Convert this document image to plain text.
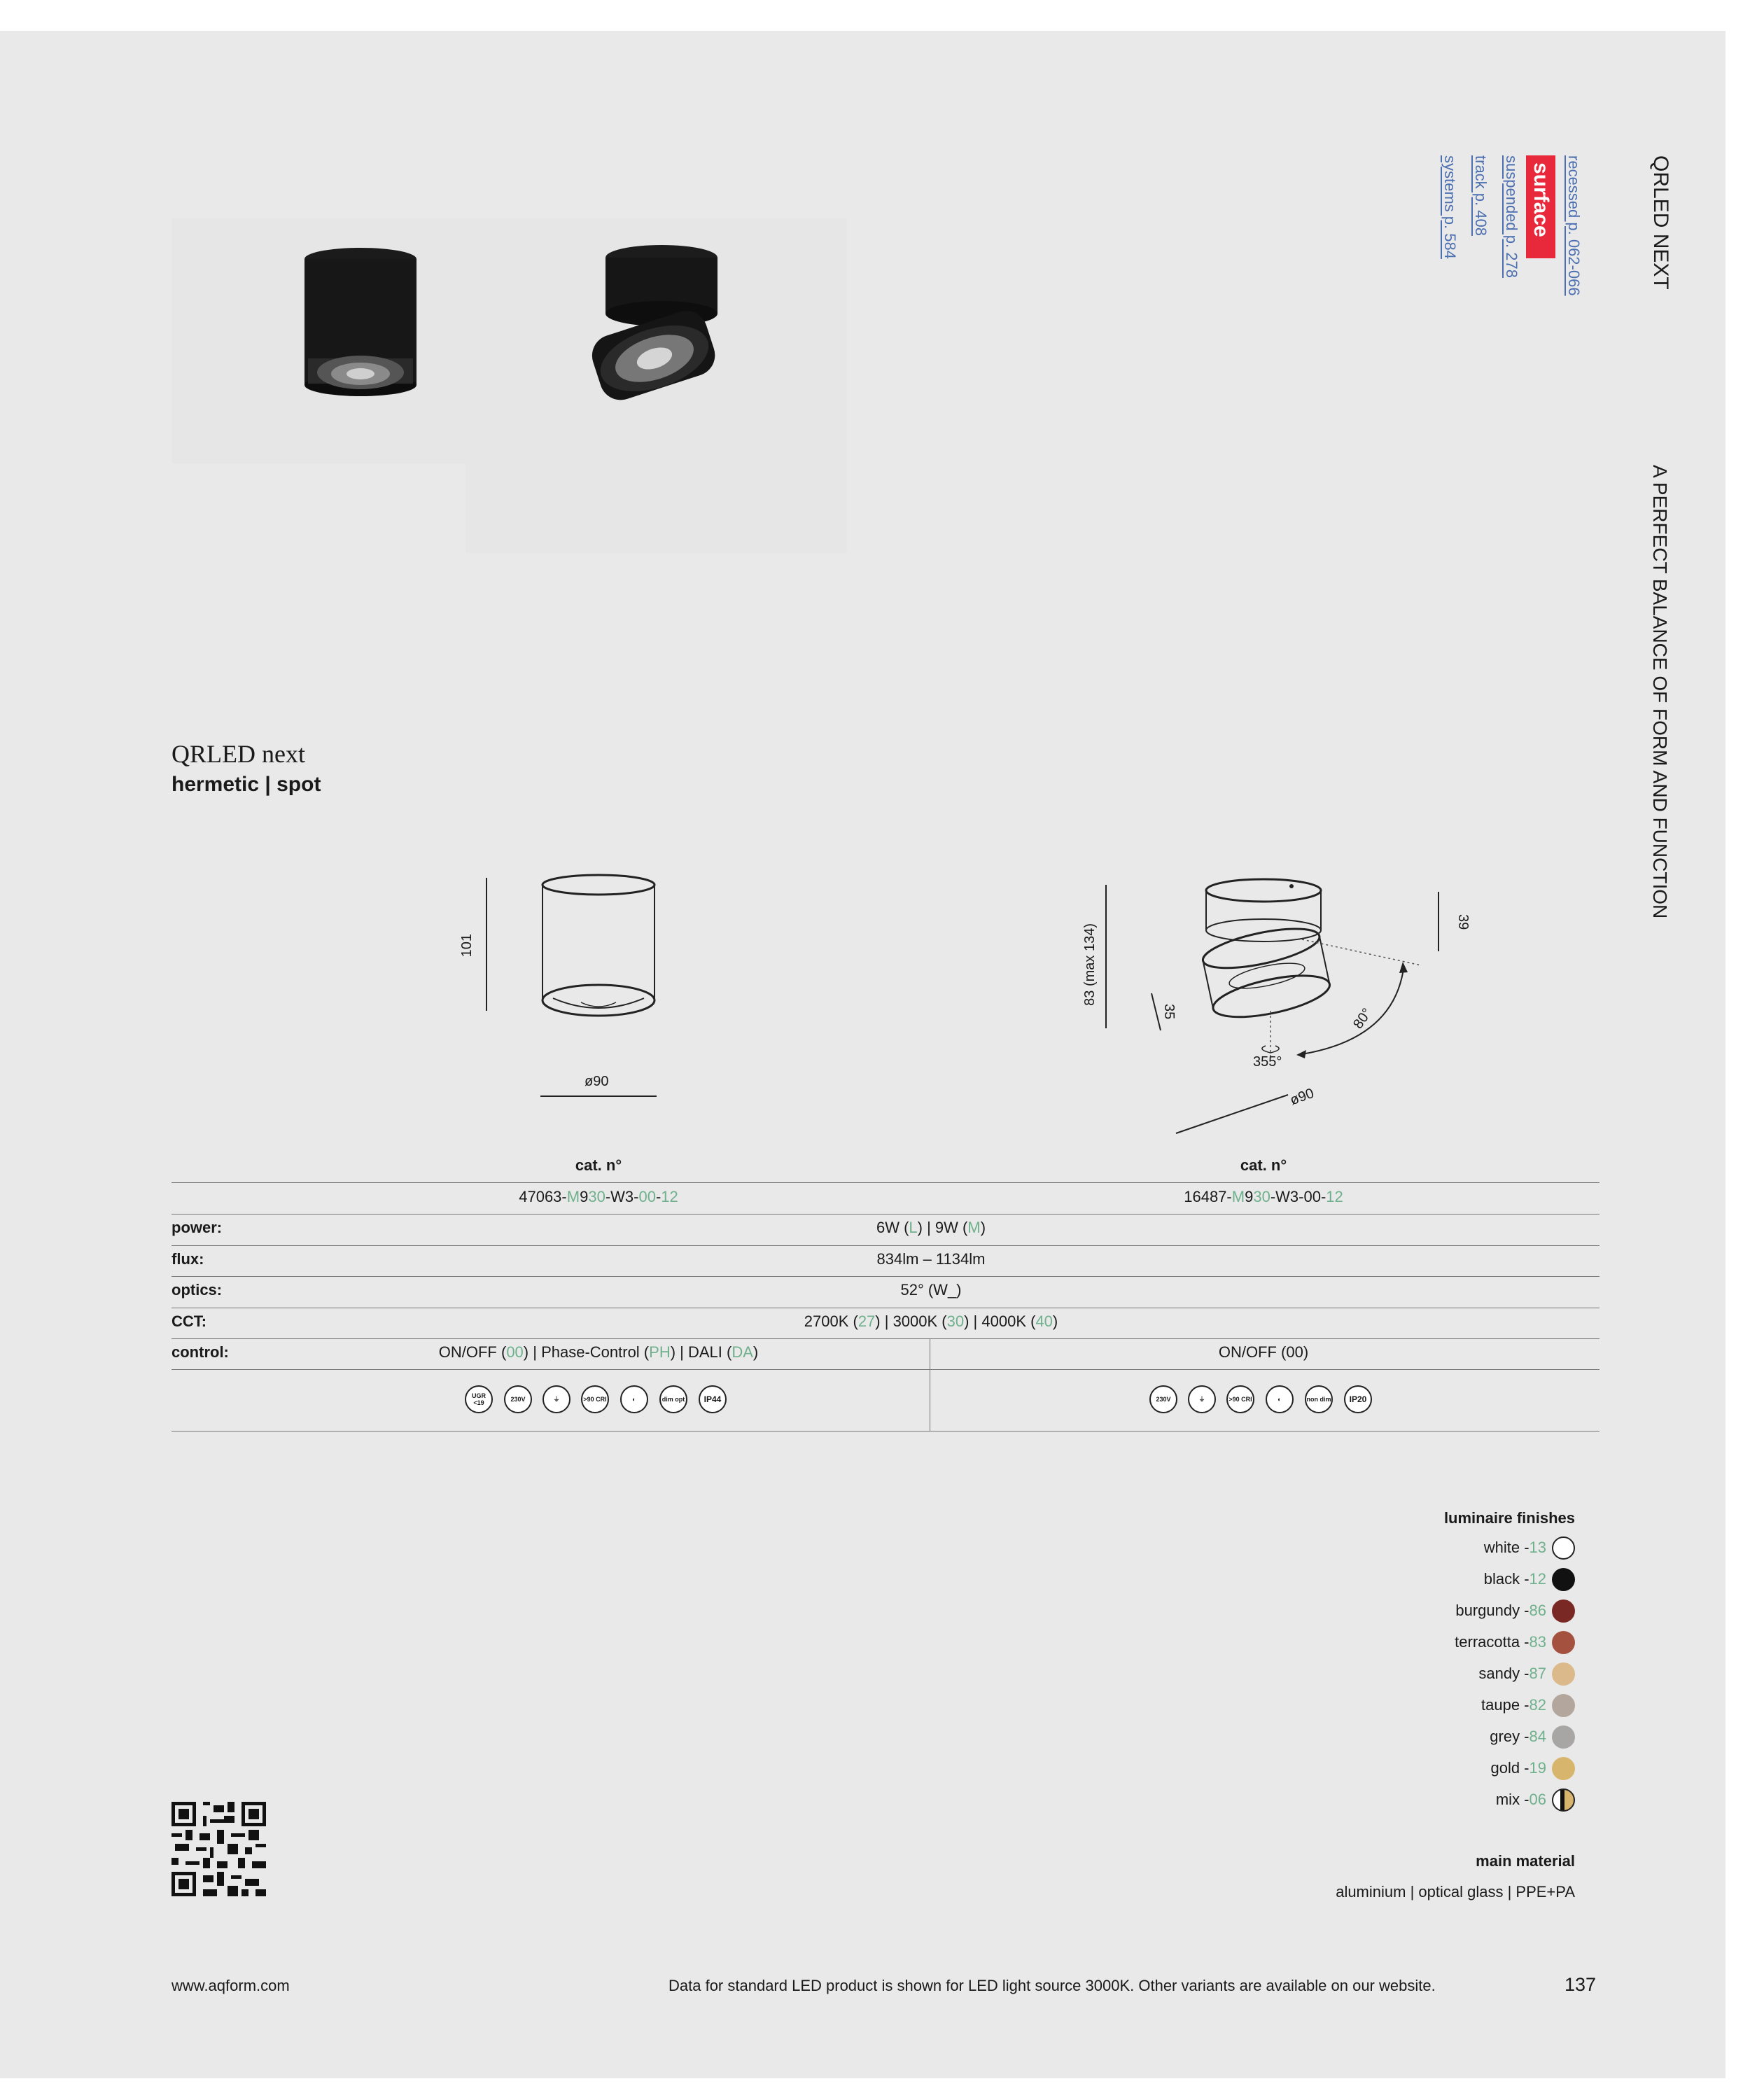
QRLED NEXT
A PERFECT BALANCE OF FORM AND FUNCTION
recessed p. 062-066
surface
suspended p. 278
track p. 408
systems p. 584
QRLED next
hermetic | spot
101
ø90
83 (max 134)
35
39
80°
355°
ø90
cat. n°	cat. n°
47063-M930-W3-00-12	16487-M930-W3-00-12
power:	6W (L) | 9W (M)
flux:	834lm – 1134lm
optics:	52° (W_)
CCT:	2700K (27) | 3000K (30) | 4000K (40)
control:	ON/OFF (00) | Phase-Control (PH) | DALI (DA)	ON/OFF (00)
UGR <19	230V	⏚	>90 CRI	◐	dim opt	IP44	230V	⏚	>90 CRI	◐	non dim	IP20
luminaire finishes
white - 13
black - 12
burgundy - 86
terracotta - 83
sandy - 87
taupe - 82
grey - 84
gold - 19
mix - 06
main material
aluminium | optical glass | PPE+PA
www.aqform.com	Data for standard LED product is shown for LED light source 3000K. Other variants are available on our website.	137
